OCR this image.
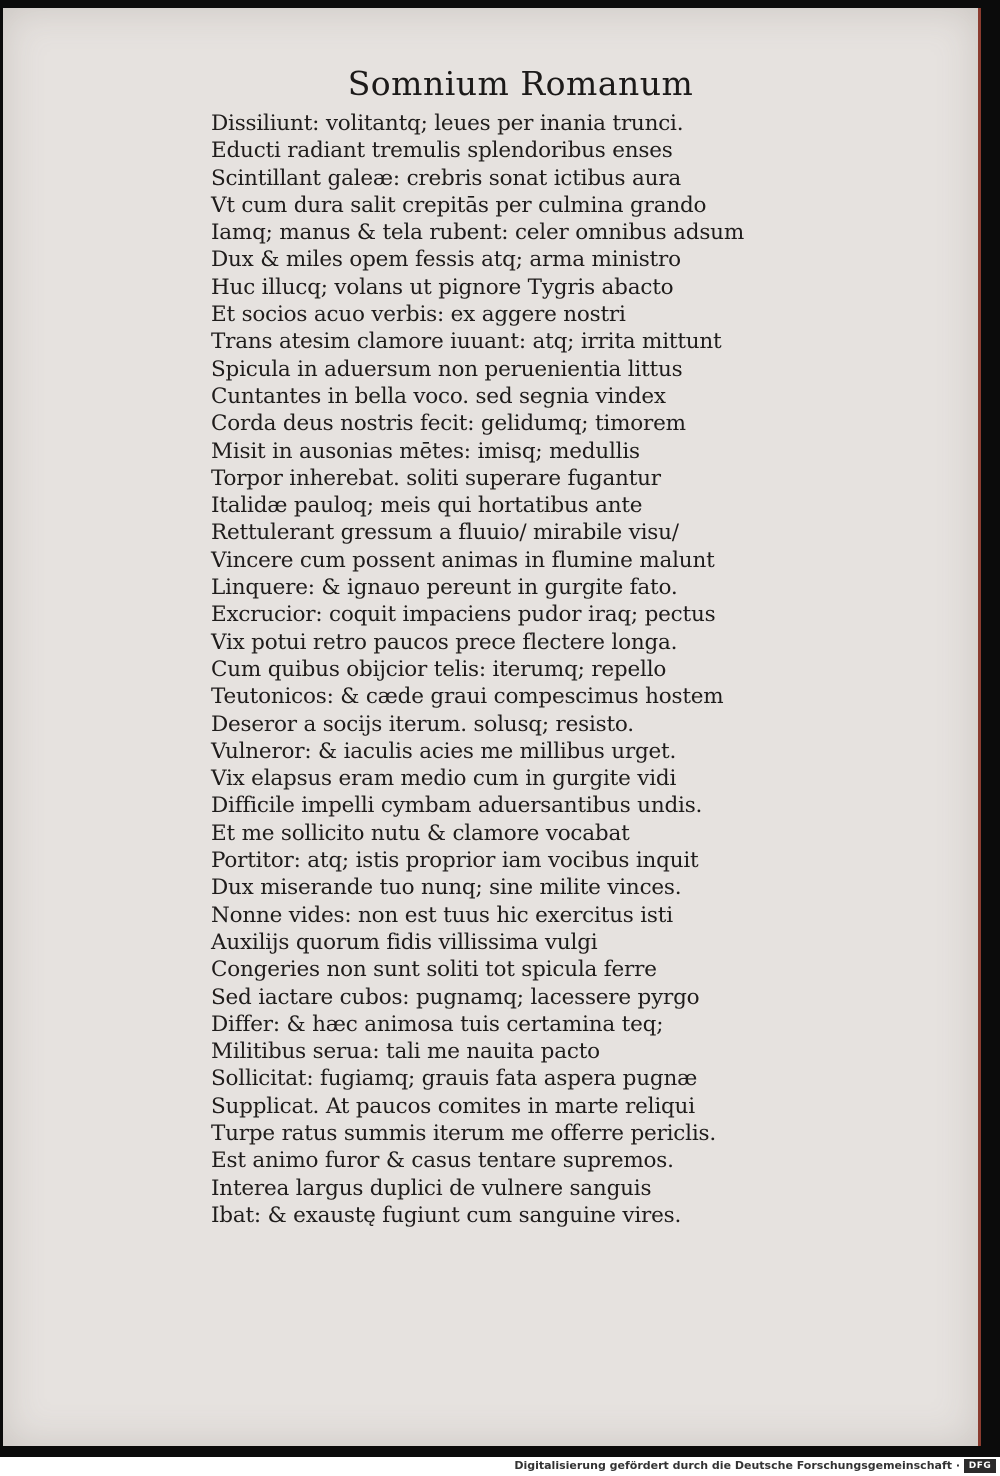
Somnium Romanum
Dissiliunt: volitantq; leues per inania trunci.
Educti radiant tremulis splendoribus enses
Scintillant galeæ: crebris sonat ictibus aura
Vt cum dura salit crepitās per culmina grando
Iamq; manus & tela rubent: celer omnibus adsum
Dux & miles opem fessis atq; arma ministro
Huc illucq; volans ut pignore Tygris abacto
Et socios acuo verbis: ex aggere nostri
Trans atesim clamore iuuant: atq; irrita mittunt
Spicula in aduersum non peruenientia littus
Cuntantes in bella voco. sed segnia vindex
Corda deus nostris fecit: gelidumq; timorem
Misit in ausonias mētes: imisq; medullis
Torpor inherebat. soliti superare fugantur
Italidæ pauloq; meis qui hortatibus ante
Rettulerant gressum a fluuio/ mirabile visu/
Vincere cum possent animas in flumine malunt
Linquere: & ignauo pereunt in gurgite fato.
Excrucior: coquit impaciens pudor iraq; pectus
Vix potui retro paucos prece flectere longa.
Cum quibus obijcior telis: iterumq; repello
Teutonicos: & cæde graui compescimus hostem
Deseror a socijs iterum. solusq; resisto.
Vulneror: & iaculis acies me millibus urget.
Vix elapsus eram medio cum in gurgite vidi
Difficile impelli cymbam aduersantibus undis.
Et me sollicito nutu & clamore vocabat
Portitor: atq; istis proprior iam vocibus inquit
Dux miserande tuo nunq; sine milite vinces.
Nonne vides: non est tuus hic exercitus isti
Auxilijs quorum fidis villissima vulgi
Congeries non sunt soliti tot spicula ferre
Sed iactare cubos: pugnamq; lacessere pyrgo
Differ: & hæc animosa tuis certamina teq;
Militibus serua: tali me nauita pacto
Sollicitat: fugiamq; grauis fata aspera pugnæ
Supplicat. At paucos comites in marte reliqui
Turpe ratus summis iterum me offerre periclis.
Est animo furor & casus tentare supremos.
Interea largus duplici de vulnere sanguis
Ibat: & exaustę fugiunt cum sanguine vires.
Digitalisierung gefördert durch die Deutsche Forschungsgemeinschaft · DFG
